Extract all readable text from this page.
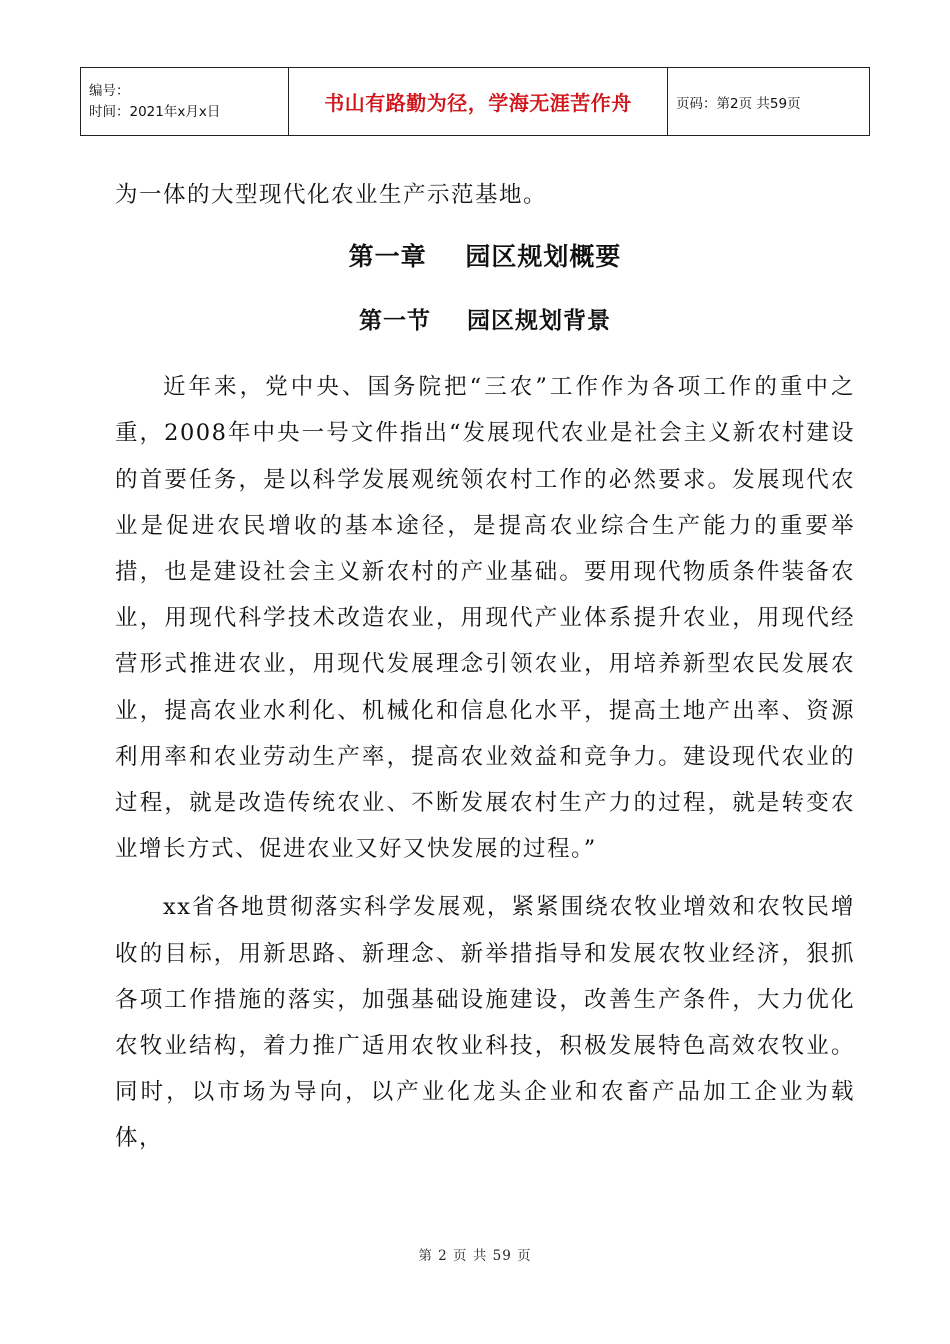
编号：
时间：2021年x月x日	书山有路勤为径，学海无涯苦作舟	页码：第2页 共59页

为一体的大型现代化农业生产示范基地。

第一章    园区规划概要
第一节    园区规划背景

近年来，党中央、国务院把“三农”工作作为各项工作的重中之重，2008年中央一号文件指出“发展现代农业是社会主义新农村建设的首要任务，是以科学发展观统领农村工作的必然要求。发展现代农业是促进农民增收的基本途径，是提高农业综合生产能力的重要举措，也是建设社会主义新农村的产业基础。要用现代物质条件装备农业，用现代科学技术改造农业，用现代产业体系提升农业，用现代经营形式推进农业，用现代发展理念引领农业，用培养新型农民发展农业，提高农业水利化、机械化和信息化水平，提高土地产出率、资源利用率和农业劳动生产率，提高农业效益和竞争力。建设现代农业的过程，就是改造传统农业、不断发展农村生产力的过程，就是转变农业增长方式、促进农业又好又快发展的过程。”

xx省各地贯彻落实科学发展观，紧紧围绕农牧业增效和农牧民增收的目标，用新思路、新理念、新举措指导和发展农牧业经济，狠抓各项工作措施的落实，加强基础设施建设，改善生产条件，大力优化农牧业结构，着力推广适用农牧业科技，积极发展特色高效农牧业。同时，以市场为导向，以产业化龙头企业和农畜产品加工企业为载体，

第 2 页 共 59 页
